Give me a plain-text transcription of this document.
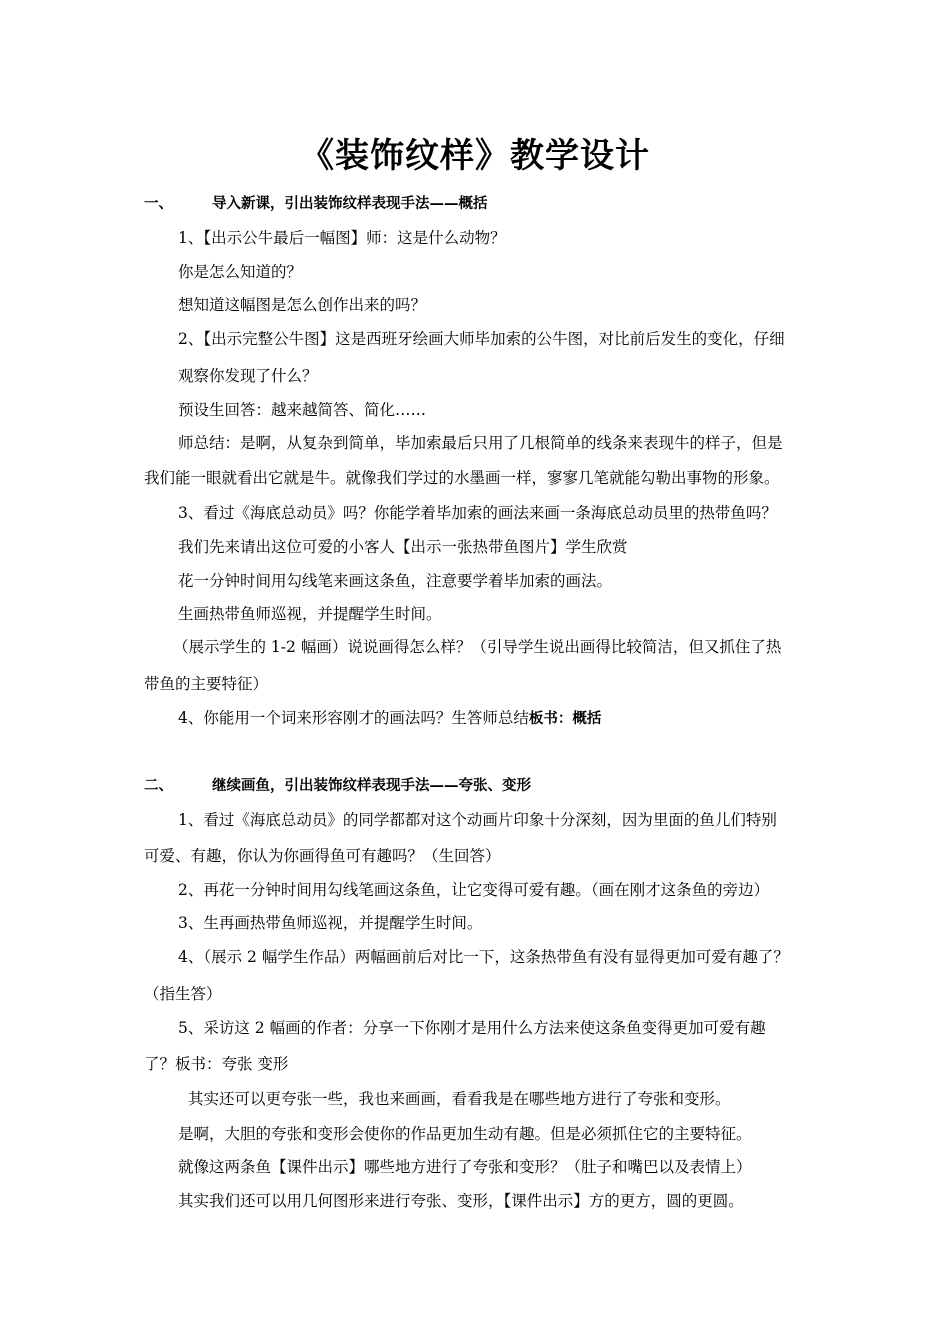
《装饰纹样》教学设计
一、	导入新课，引出装饰纹样表现手法——概括
1、【出示公牛最后一幅图】师：这是什么动物？
你是怎么知道的？
想知道这幅图是怎么创作出来的吗？
2、【出示完整公牛图】这是西班牙绘画大师毕加索的公牛图，对比前后发生的变化，仔细
观察你发现了什么？
预设生回答：越来越简答、简化……
师总结：是啊，从复杂到简单，毕加索最后只用了几根简单的线条来表现牛的样子，但是
我们能一眼就看出它就是牛。就像我们学过的水墨画一样，寥寥几笔就能勾勒出事物的形象。
3、看过《海底总动员》吗？你能学着毕加索的画法来画一条海底总动员里的热带鱼吗？
我们先来请出这位可爱的小客人【出示一张热带鱼图片】学生欣赏
花一分钟时间用勾线笔来画这条鱼，注意要学着毕加索的画法。
生画热带鱼师巡视，并提醒学生时间。
（展示学生的 1-2 幅画）说说画得怎么样？（引导学生说出画得比较简洁，但又抓住了热
带鱼的主要特征）
4、你能用一个词来形容刚才的画法吗？生答师总结板书：概括
二、	继续画鱼，引出装饰纹样表现手法——夸张、变形
1、看过《海底总动员》的同学都都对这个动画片印象十分深刻，因为里面的鱼儿们特别
可爱、有趣，你认为你画得鱼可有趣吗？（生回答）
2、再花一分钟时间用勾线笔画这条鱼，让它变得可爱有趣。（画在刚才这条鱼的旁边）
3、生再画热带鱼师巡视，并提醒学生时间。
4、（展示 2 幅学生作品）两幅画前后对比一下，这条热带鱼有没有显得更加可爱有趣了？
（指生答）
5、采访这 2 幅画的作者：分享一下你刚才是用什么方法来使这条鱼变得更加可爱有趣
了？板书：夸张 变形
其实还可以更夸张一些，我也来画画，看看我是在哪些地方进行了夸张和变形。
是啊，大胆的夸张和变形会使你的作品更加生动有趣。但是必须抓住它的主要特征。
就像这两条鱼【课件出示】哪些地方进行了夸张和变形？（肚子和嘴巴以及表情上）
其实我们还可以用几何图形来进行夸张、变形，【课件出示】方的更方，圆的更圆。
